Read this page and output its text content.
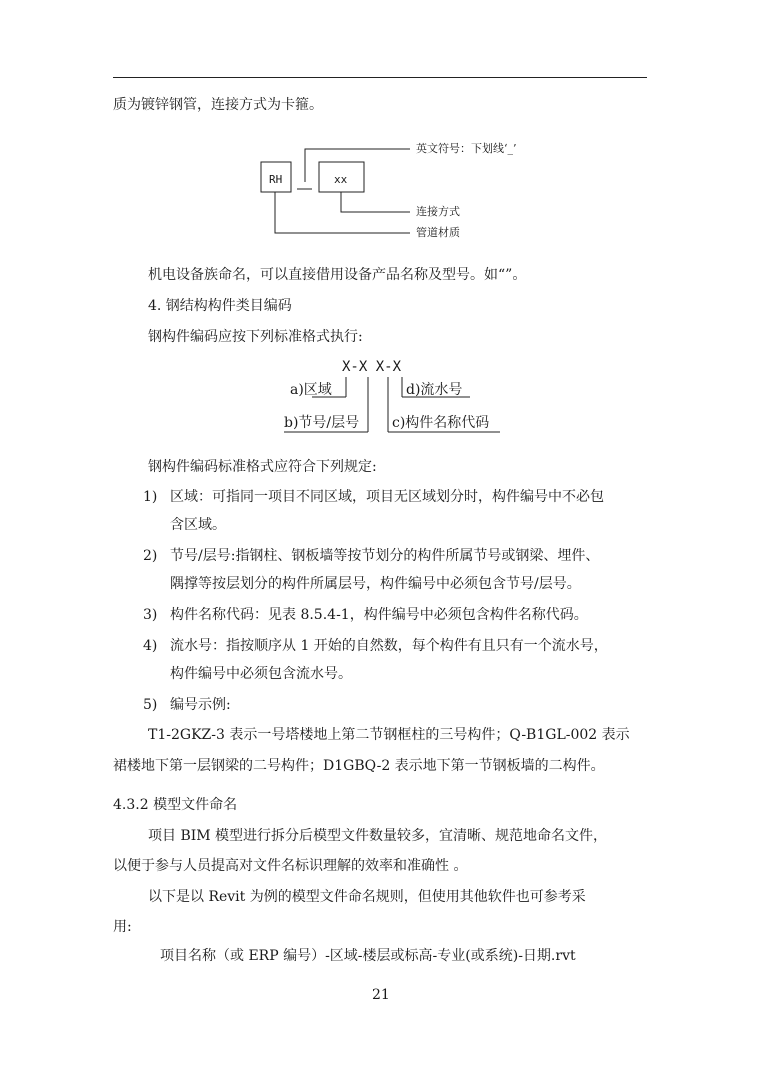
质为镀锌钢管，连接方式为卡箍。
RH	xx
英文符号：下划线‘_’
连接方式
管道材质
机电设备族命名，可以直接借用设备产品名称及型号。如“”。
4. 钢结构构件类目编码
钢构件编码应按下列标准格式执行:
X-X X-X
a)区域
b)节号/层号 c)构件名称代码
d)流水号
钢构件编码标准格式应符合下列规定:
1) 区域：可指同一项目不同区域，项目无区域划分时，构件编号中不必包
含区域。
2) 节号/层号:指钢柱、钢板墙等按节划分的构件所属节号或钢梁、埋件、
隅撑等按层划分的构件所属层号，构件编号中必须包含节号/层号。
3) 构件名称代码：见表 8.5.4-1，构件编号中必须包含构件名称代码。
4) 流水号：指按顺序从 1 开始的自然数，每个构件有且只有一个流水号，
构件编号中必须包含流水号。
5) 编号示例:
T1-2GKZ-3 表示一号塔楼地上第二节钢框柱的三号构件；Q-B1GL-002 表示
裙楼地下第一层钢梁的二号构件；D1GBQ-2 表示地下第一节钢板墙的二构件。
4.3.2 模型文件命名
项目 BIM 模型进行拆分后模型文件数量较多，宜清晰、规范地命名文件，
以便于参与人员提高对文件名标识理解的效率和准确性 。
以下是以 Revit 为例的模型文件命名规则，但使用其他软件也可参考采
用:
项目名称（或 ERP 编号）-区域-楼层或标高-专业(或系统)-日期.rvt
21
